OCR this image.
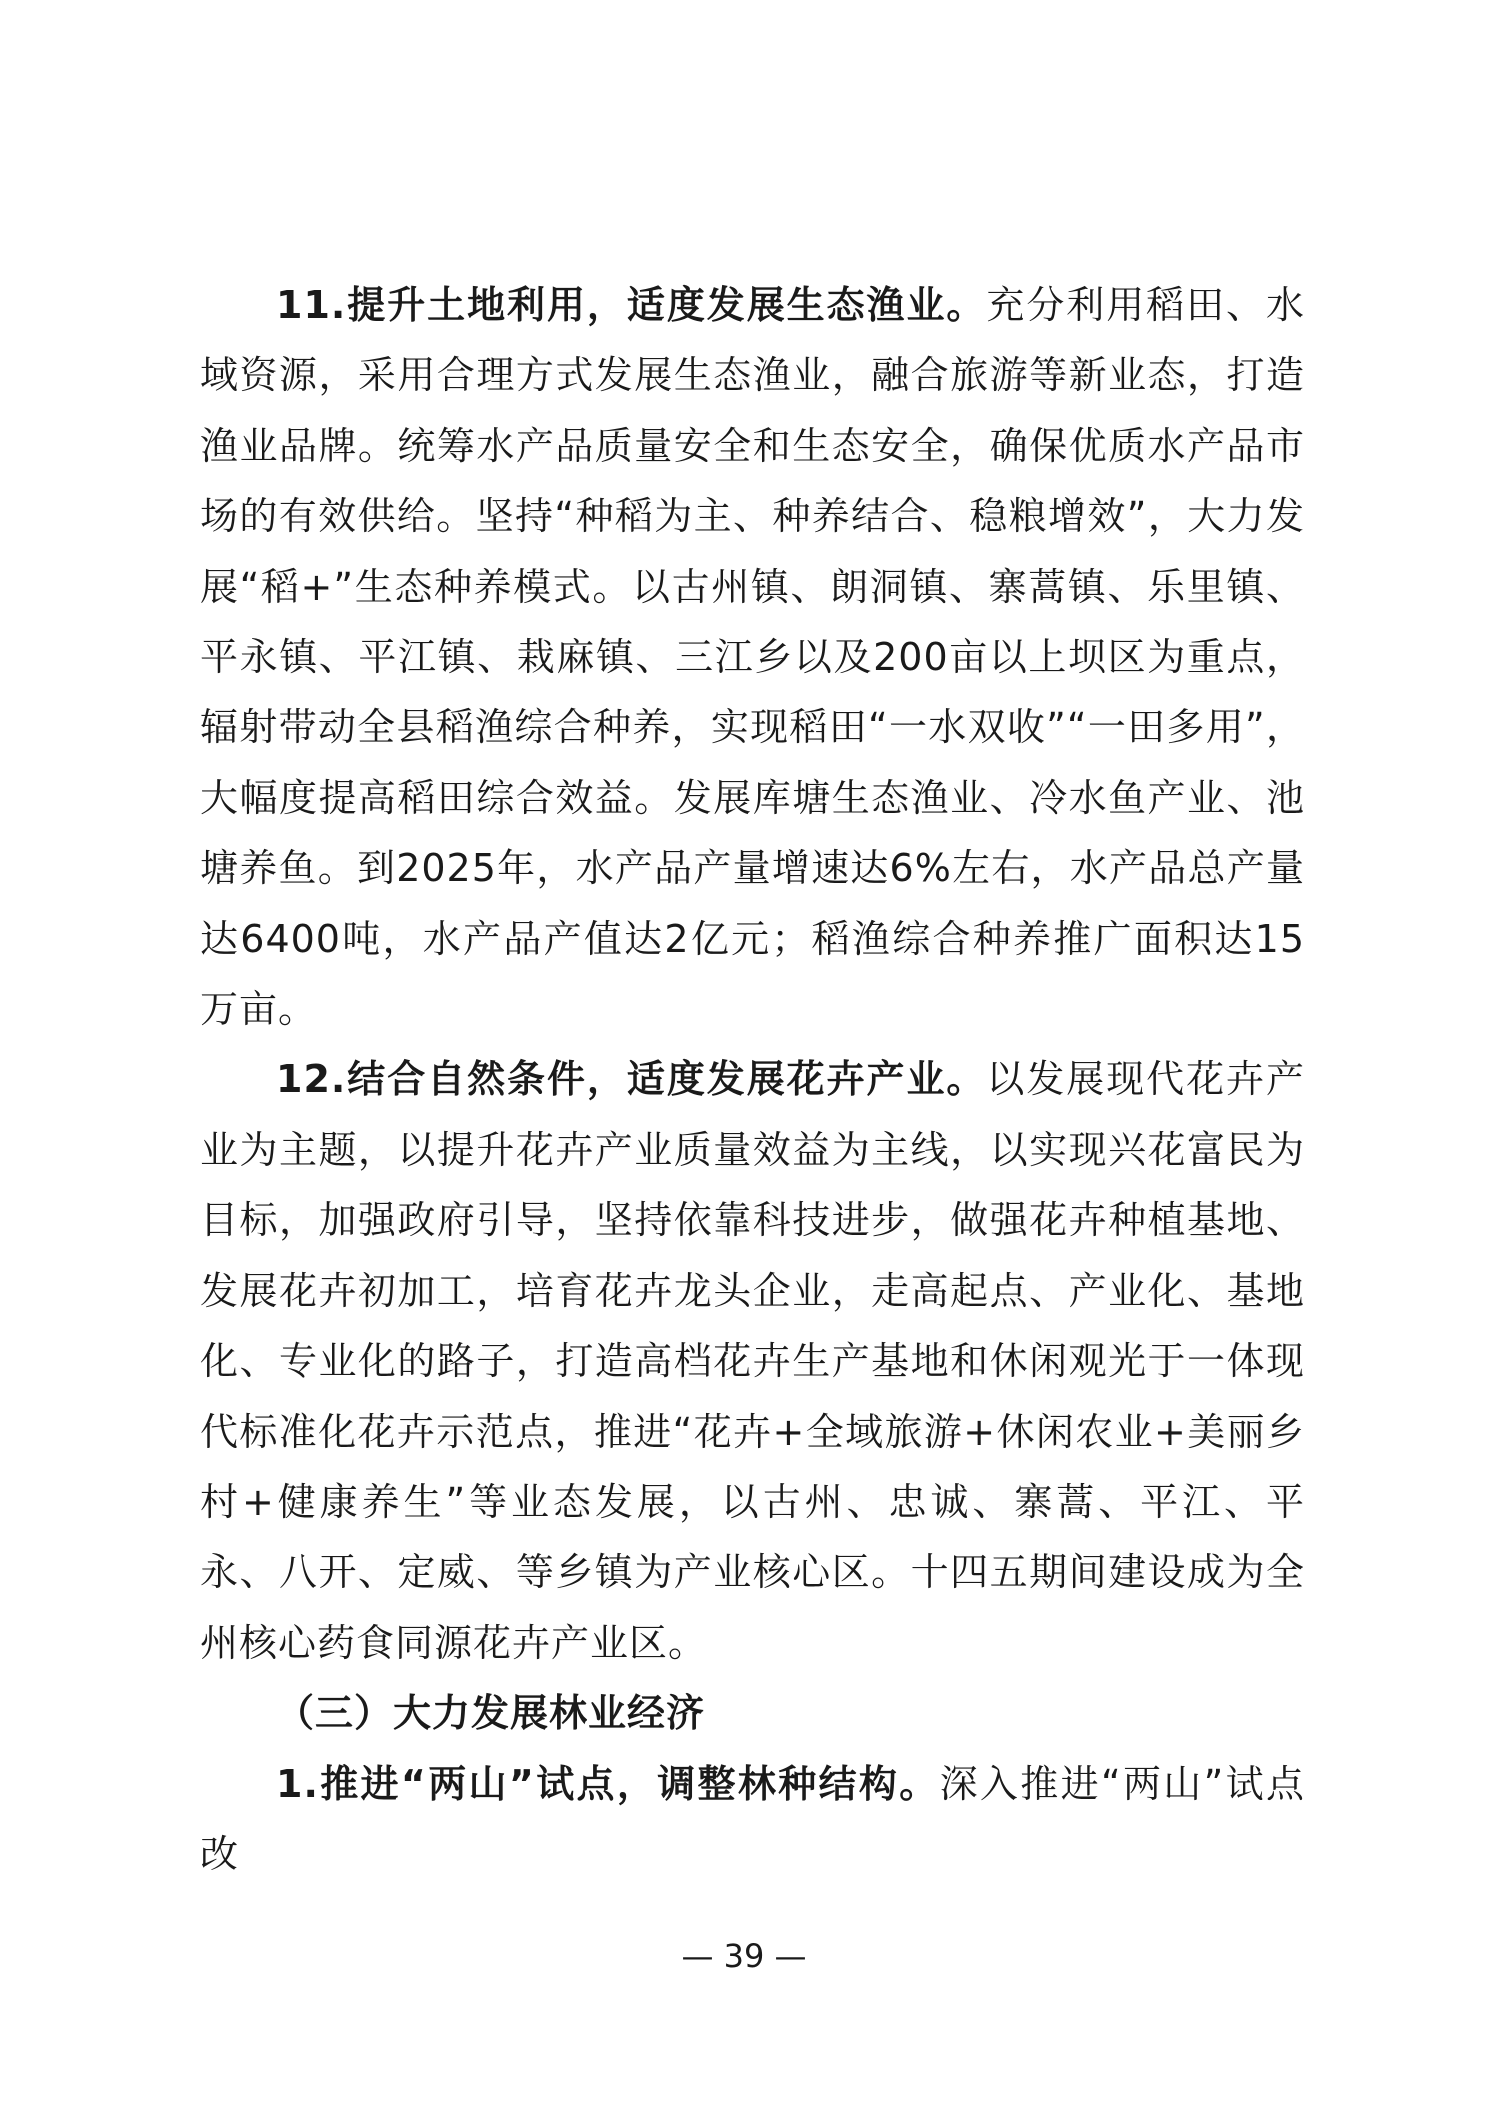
11.提升土地利用，适度发展生态渔业。充分利用稻田、水域资源，采用合理方式发展生态渔业，融合旅游等新业态，打造渔业品牌。统筹水产品质量安全和生态安全，确保优质水产品市场的有效供给。坚持“种稻为主、种养结合、稳粮增效”，大力发展“稻+”生态种养模式。以古州镇、朗洞镇、寨蒿镇、乐里镇、平永镇、平江镇、栽麻镇、三江乡以及200亩以上坝区为重点，辐射带动全县稻渔综合种养，实现稻田“一水双收”“一田多用”，大幅度提高稻田综合效益。发展库塘生态渔业、冷水鱼产业、池塘养鱼。到2025年，水产品产量增速达6%左右，水产品总产量达6400吨，水产品产值达2亿元；稻渔综合种养推广面积达15万亩。

12.结合自然条件，适度发展花卉产业。以发展现代花卉产业为主题，以提升花卉产业质量效益为主线，以实现兴花富民为目标，加强政府引导，坚持依靠科技进步，做强花卉种植基地、发展花卉初加工，培育花卉龙头企业，走高起点、产业化、基地化、专业化的路子，打造高档花卉生产基地和休闲观光于一体现代标准化花卉示范点，推进“花卉+全域旅游+休闲农业+美丽乡村+健康养生”等业态发展，以古州、忠诚、寨蒿、平江、平永、八开、定威、等乡镇为产业核心区。十四五期间建设成为全州核心药食同源花卉产业区。

（三）大力发展林业经济

1.推进“两山”试点，调整林种结构。深入推进“两山”试点改

— 39 —
